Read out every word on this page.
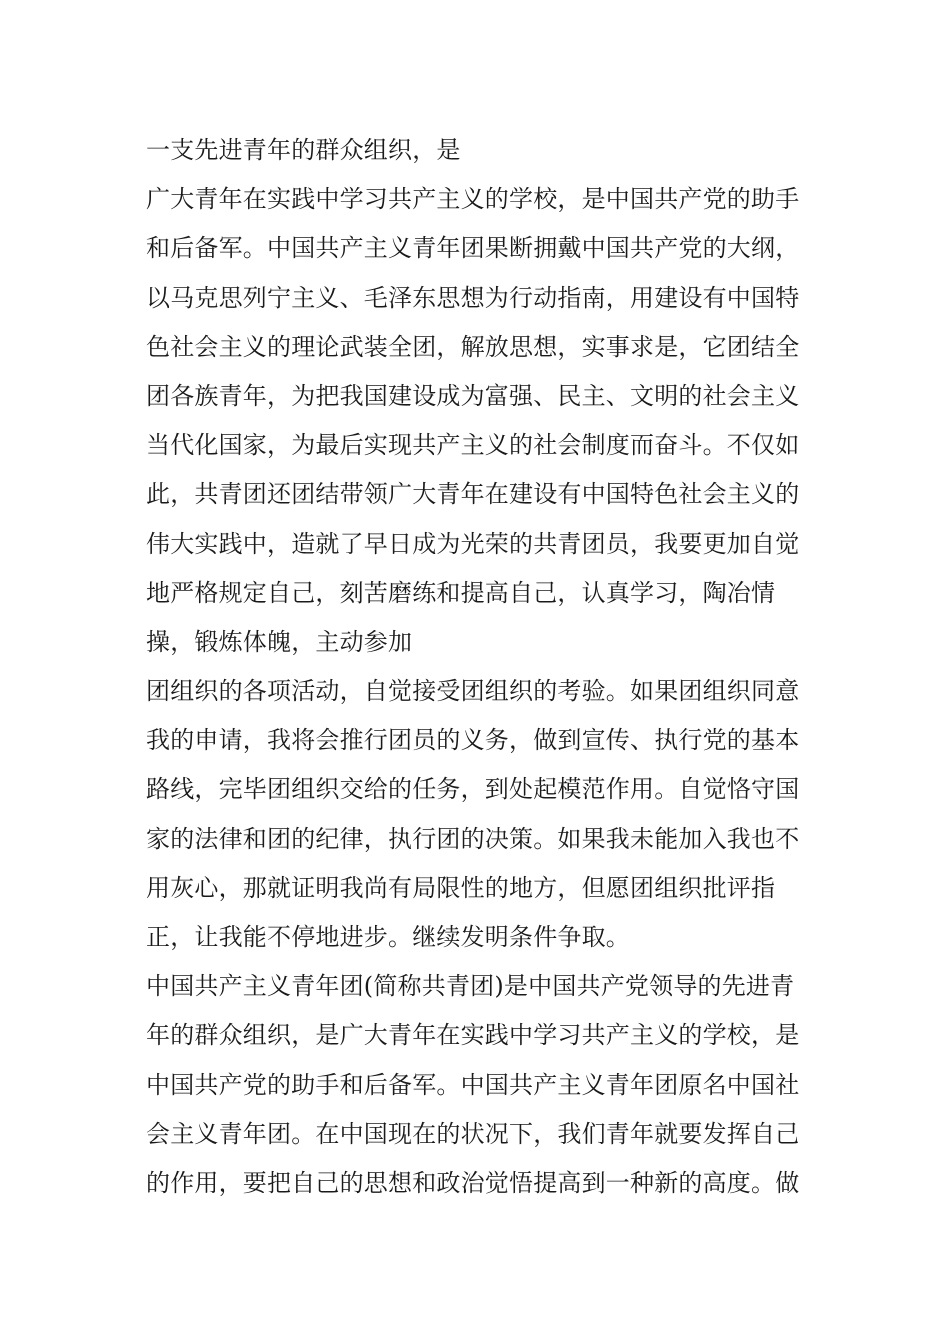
一支先进青年的群众组织，是
广大青年在实践中学习共产主义的学校，是中国共产党的助手
和后备军。中国共产主义青年团果断拥戴中国共产党的大纲，
以马克思列宁主义、毛泽东思想为行动指南，用建设有中国特
色社会主义的理论武装全团，解放思想，实事求是，它团结全
团各族青年，为把我国建设成为富强、民主、文明的社会主义
当代化国家，为最后实现共产主义的社会制度而奋斗。不仅如
此，共青团还团结带领广大青年在建设有中国特色社会主义的
伟大实践中，造就了早日成为光荣的共青团员，我要更加自觉
地严格规定自己，刻苦磨练和提高自己，认真学习，陶冶情
操，锻炼体魄，主动参加
团组织的各项活动，自觉接受团组织的考验。如果团组织同意
我的申请，我将会推行团员的义务，做到宣传、执行党的基本
路线，完毕团组织交给的任务，到处起模范作用。自觉恪守国
家的法律和团的纪律，执行团的决策。如果我未能加入我也不
用灰心，那就证明我尚有局限性的地方，但愿团组织批评指
正，让我能不停地进步。继续发明条件争取。
中国共产主义青年团(简称共青团)是中国共产党领导的先进青
年的群众组织，是广大青年在实践中学习共产主义的学校，是
中国共产党的助手和后备军。中国共产主义青年团原名中国社
会主义青年团。在中国现在的状况下，我们青年就要发挥自己
的作用，要把自己的思想和政治觉悟提高到一种新的高度。做
